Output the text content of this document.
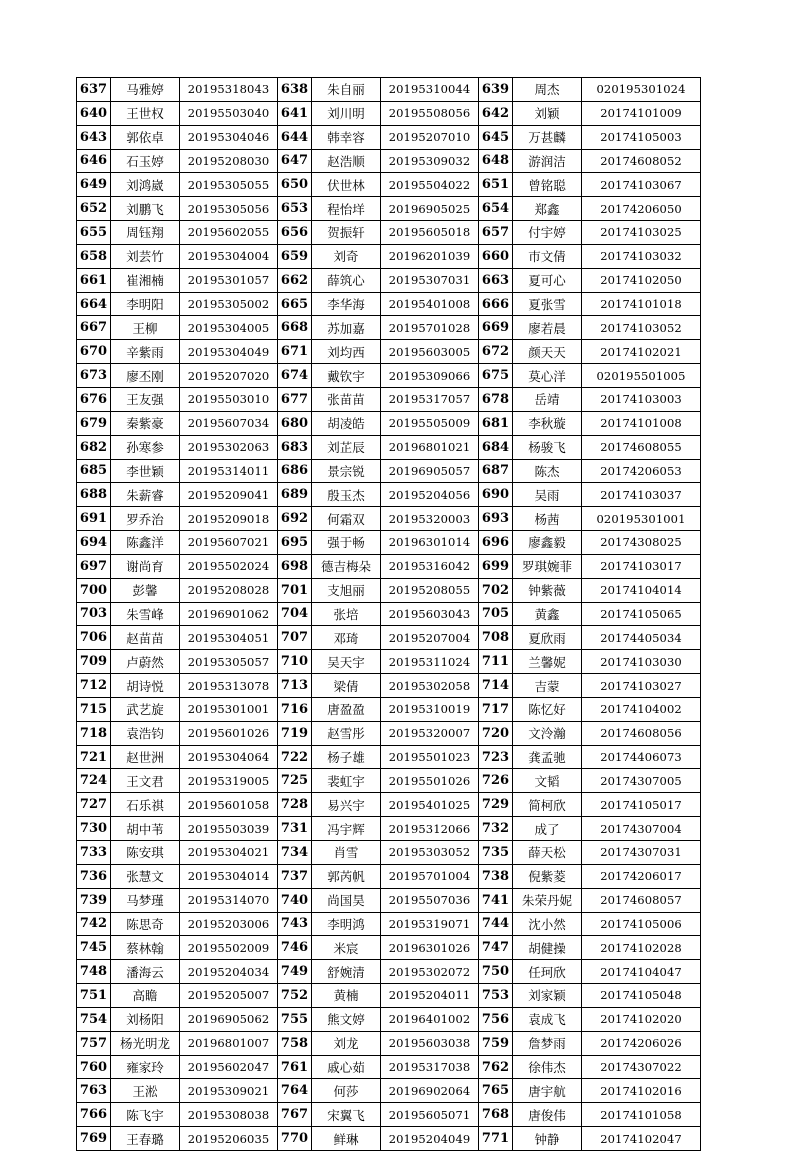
637	马雅婷	20195318043	638	朱自丽	20195310044	639	周杰	020195301024
640	王世权	20195503040	641	刘川明	20195508056	642	刘颖	20174101009
643	郭依卓	20195304046	644	韩幸容	20195207010	645	万甚麟	20174105003
646	石玉婷	20195208030	647	赵浩顺	20195309032	648	游润洁	20174608052
649	刘鸿崴	20195305055	650	伏世林	20195504022	651	曾铭聪	20174103067
652	刘鹏飞	20195305056	653	程怡垟	20196905025	654	郑鑫	20174206050
655	周钰翔	20195602055	656	贺振轩	20195605018	657	付宇婷	20174103025
658	刘芸竹	20195304004	659	刘奇	20196201039	660	巿文倩	20174103032
661	崔湘楠	20195301057	662	薛筑心	20195307031	663	夏可心	20174102050
664	李明阳	20195305002	665	李华海	20195401008	666	夏张雪	20174101018
667	王柳	20195304005	668	苏加嘉	20195701028	669	廖若晨	20174103052
670	辛紫雨	20195304049	671	刘均西	20195603005	672	颜天天	20174102021
673	廖丕刚	20195207020	674	戴钦宇	20195309066	675	莫心洋	020195501005
676	王友强	20195503010	677	张苗苗	20195317057	678	岳靖	20174103003
679	秦紫豪	20195607034	680	胡凌皓	20195505009	681	李秋璇	20174101008
682	孙寒参	20195302063	683	刘芷辰	20196801021	684	杨骏飞	20174608055
685	李世颖	20195314011	686	景宗锐	20196905057	687	陈杰	20174206053
688	朱薪睿	20195209041	689	殷玉杰	20195204056	690	吴雨	20174103037
691	罗乔治	20195209018	692	何霜双	20195320003	693	杨茜	020195301001
694	陈鑫洋	20195607021	695	强于畅	20196301014	696	廖鑫毅	20174308025
697	谢尚育	20195502024	698	德吉梅朵	20195316042	699	罗琪婉菲	20174103017
700	彭馨	20195208028	701	支旭丽	20195208055	702	钟紫薇	20174104014
703	朱雪峰	20196901062	704	张培	20195603043	705	黄鑫	20174105065
706	赵苗苗	20195304051	707	邓琦	20195207004	708	夏欣雨	20174405034
709	卢蔚然	20195305057	710	吴天宇	20195311024	711	兰馨妮	20174103030
712	胡诗悦	20195313078	713	梁倩	20195302058	714	吉蒙	20174103027
715	武艺旋	20195301001	716	唐盈盈	20195310019	717	陈忆好	20174104002
718	袁浩钧	20195601026	719	赵雪彤	20195320007	720	文泠瀚	20174608056
721	赵世洲	20195304064	722	杨子雄	20195501023	723	龚孟驰	20174406073
724	王文君	20195319005	725	裴虹宇	20195501026	726	文韬	20174307005
727	石乐祺	20195601058	728	易兴宇	20195401025	729	简柯欣	20174105017
730	胡中苇	20195503039	731	冯宇辉	20195312066	732	成了	20174307004
733	陈安琪	20195304021	734	肖雪	20195303052	735	薛天松	20174307031
736	张慧文	20195304014	737	郭芮帆	20195701004	738	倪紫菱	20174206017
739	马梦瑾	20195314070	740	尚国昊	20195507036	741	朱荣丹妮	20174608057
742	陈思奇	20195203006	743	李明鸿	20195319071	744	沈小然	20174105006
745	蔡林翰	20195502009	746	米宸	20196301026	747	胡健操	20174102028
748	潘海云	20195204034	749	舒婉清	20195302072	750	任珂欣	20174104047
751	高瞻	20195205007	752	黄楠	20195204011	753	刘家颖	20174105048
754	刘杨阳	20196905062	755	熊文婷	20196401002	756	袁成飞	20174102020
757	杨光明龙	20196801007	758	刘龙	20195603038	759	詹梦雨	20174206026
760	雍家玲	20195602047	761	戚心茹	20195317038	762	徐伟杰	20174307022
763	王淞	20195309021	764	何莎	20196902064	765	唐宇航	20174102016
766	陈飞宇	20195308038	767	宋翼飞	20195605071	768	唐俊伟	20174101058
769	王春璐	20195206035	770	鲜琳	20195204049	771	钟静	20174102047
